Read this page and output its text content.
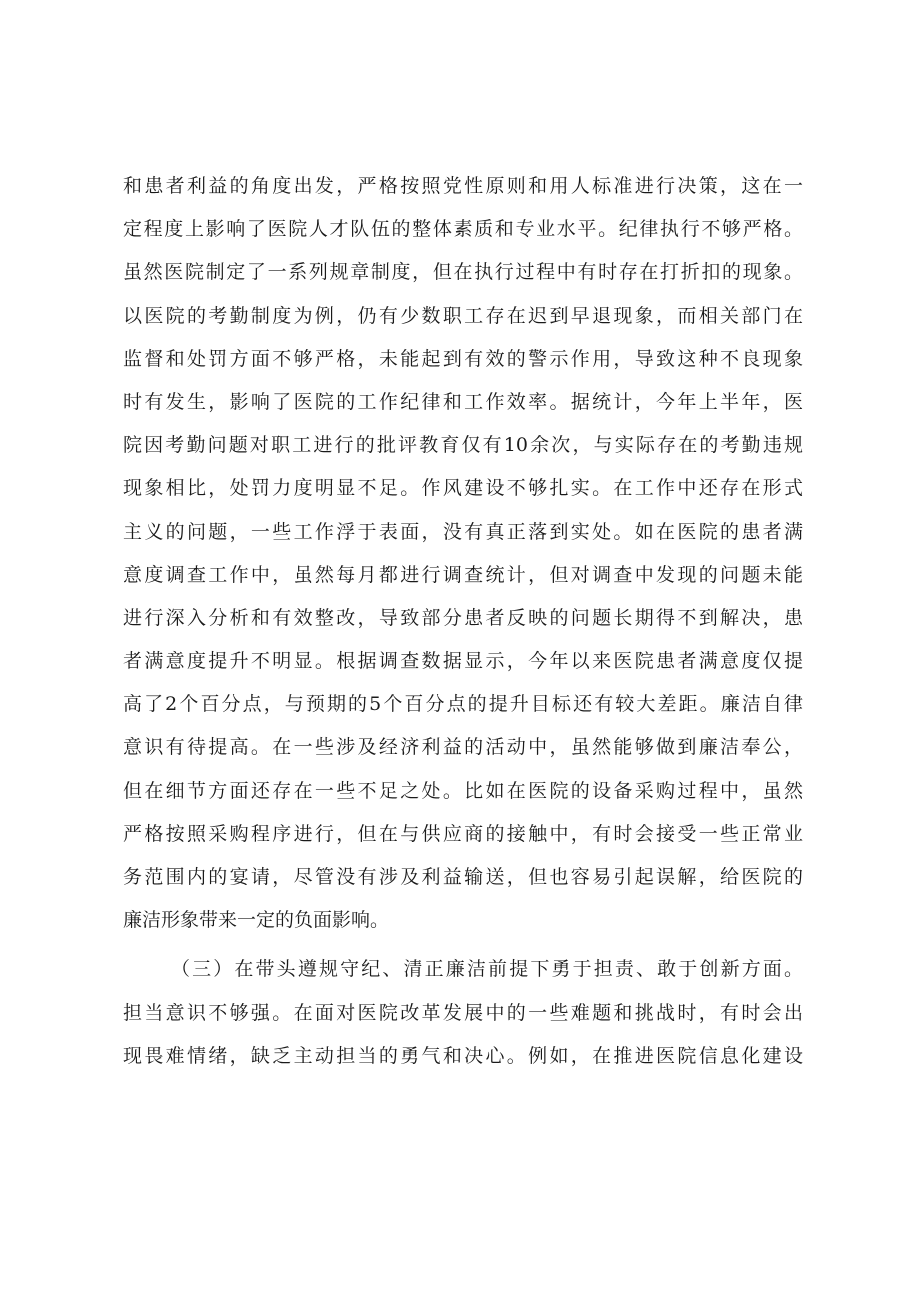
和患者利益的角度出发，严格按照党性原则和用人标准进行决策，这在一
定程度上影响了医院人才队伍的整体素质和专业水平。纪律执行不够严格。
虽然医院制定了一系列规章制度，但在执行过程中有时存在打折扣的现象。
以医院的考勤制度为例，仍有少数职工存在迟到早退现象，而相关部门在
监督和处罚方面不够严格，未能起到有效的警示作用，导致这种不良现象
时有发生，影响了医院的工作纪律和工作效率。据统计，今年上半年，医
院因考勤问题对职工进行的批评教育仅有10余次，与实际存在的考勤违规
现象相比，处罚力度明显不足。作风建设不够扎实。在工作中还存在形式
主义的问题，一些工作浮于表面，没有真正落到实处。如在医院的患者满
意度调查工作中，虽然每月都进行调查统计，但对调查中发现的问题未能
进行深入分析和有效整改，导致部分患者反映的问题长期得不到解决，患
者满意度提升不明显。根据调查数据显示，今年以来医院患者满意度仅提
高了2个百分点，与预期的5个百分点的提升目标还有较大差距。廉洁自律
意识有待提高。在一些涉及经济利益的活动中，虽然能够做到廉洁奉公，
但在细节方面还存在一些不足之处。比如在医院的设备采购过程中，虽然
严格按照采购程序进行，但在与供应商的接触中，有时会接受一些正常业
务范围内的宴请，尽管没有涉及利益输送，但也容易引起误解，给医院的
廉洁形象带来一定的负面影响。
（三）在带头遵规守纪、清正廉洁前提下勇于担责、敢于创新方面。
担当意识不够强。在面对医院改革发展中的一些难题和挑战时，有时会出
现畏难情绪，缺乏主动担当的勇气和决心。例如，在推进医院信息化建设
